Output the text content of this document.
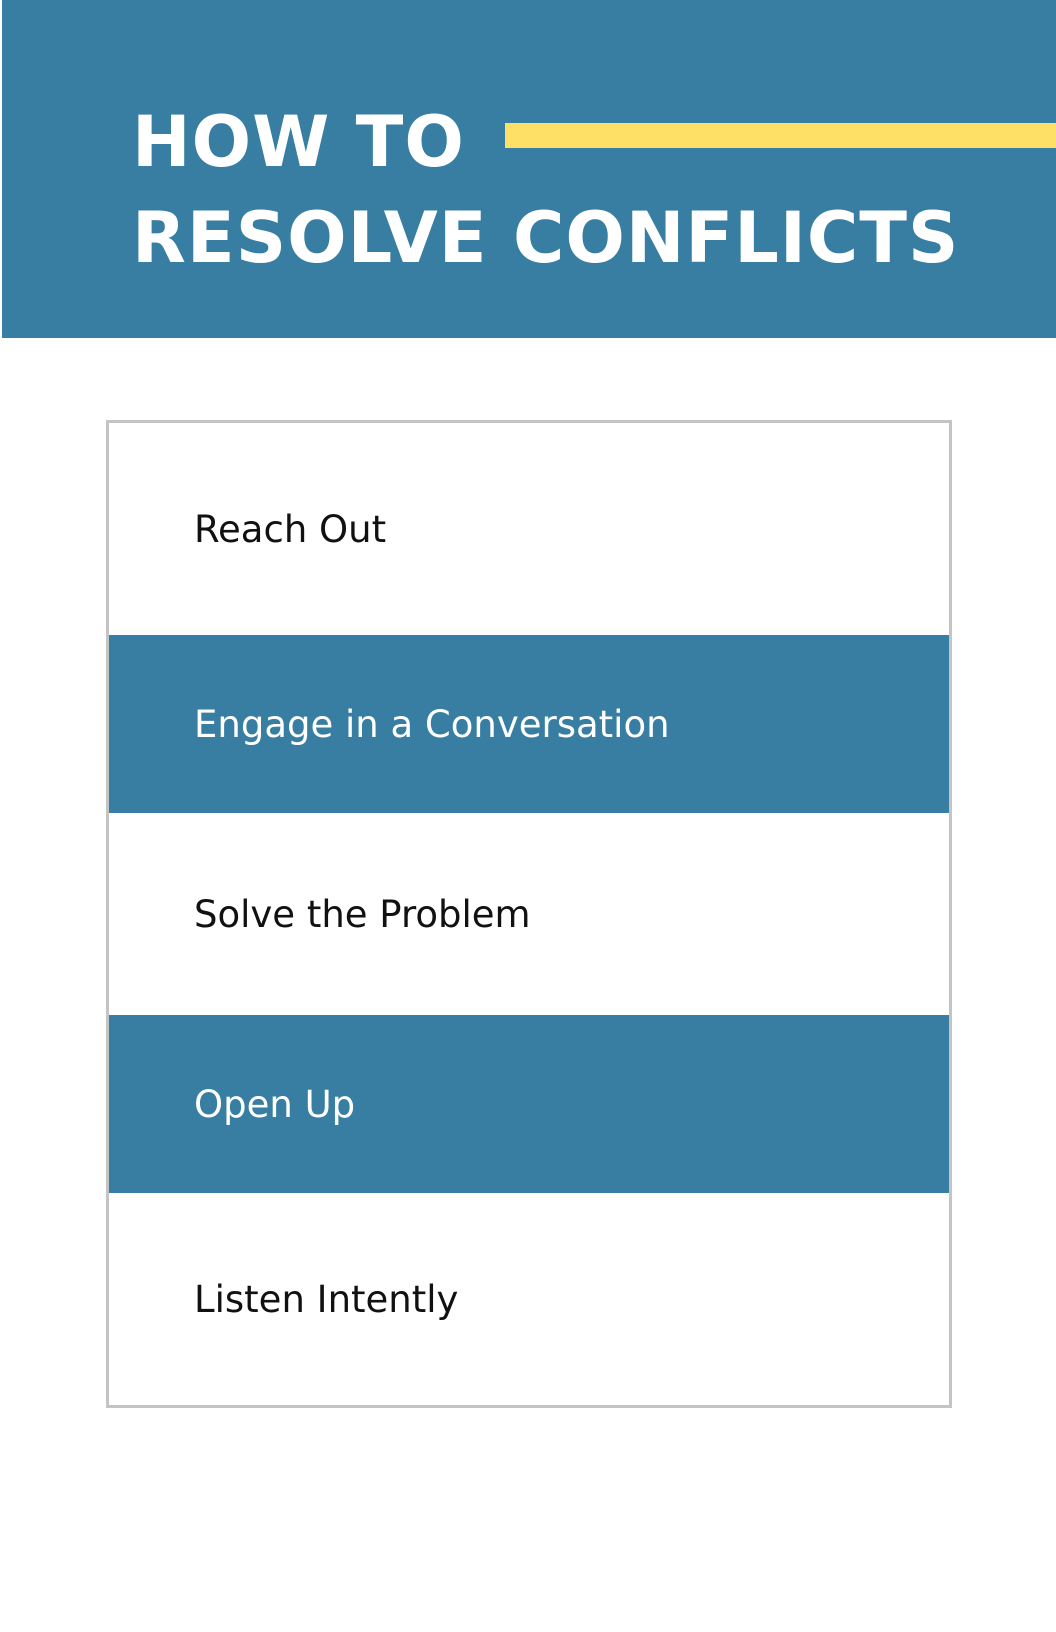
HOW TO
RESOLVE CONFLICTS
Reach Out
Engage in a Conversation
Solve the Problem
Open Up
Listen Intently
